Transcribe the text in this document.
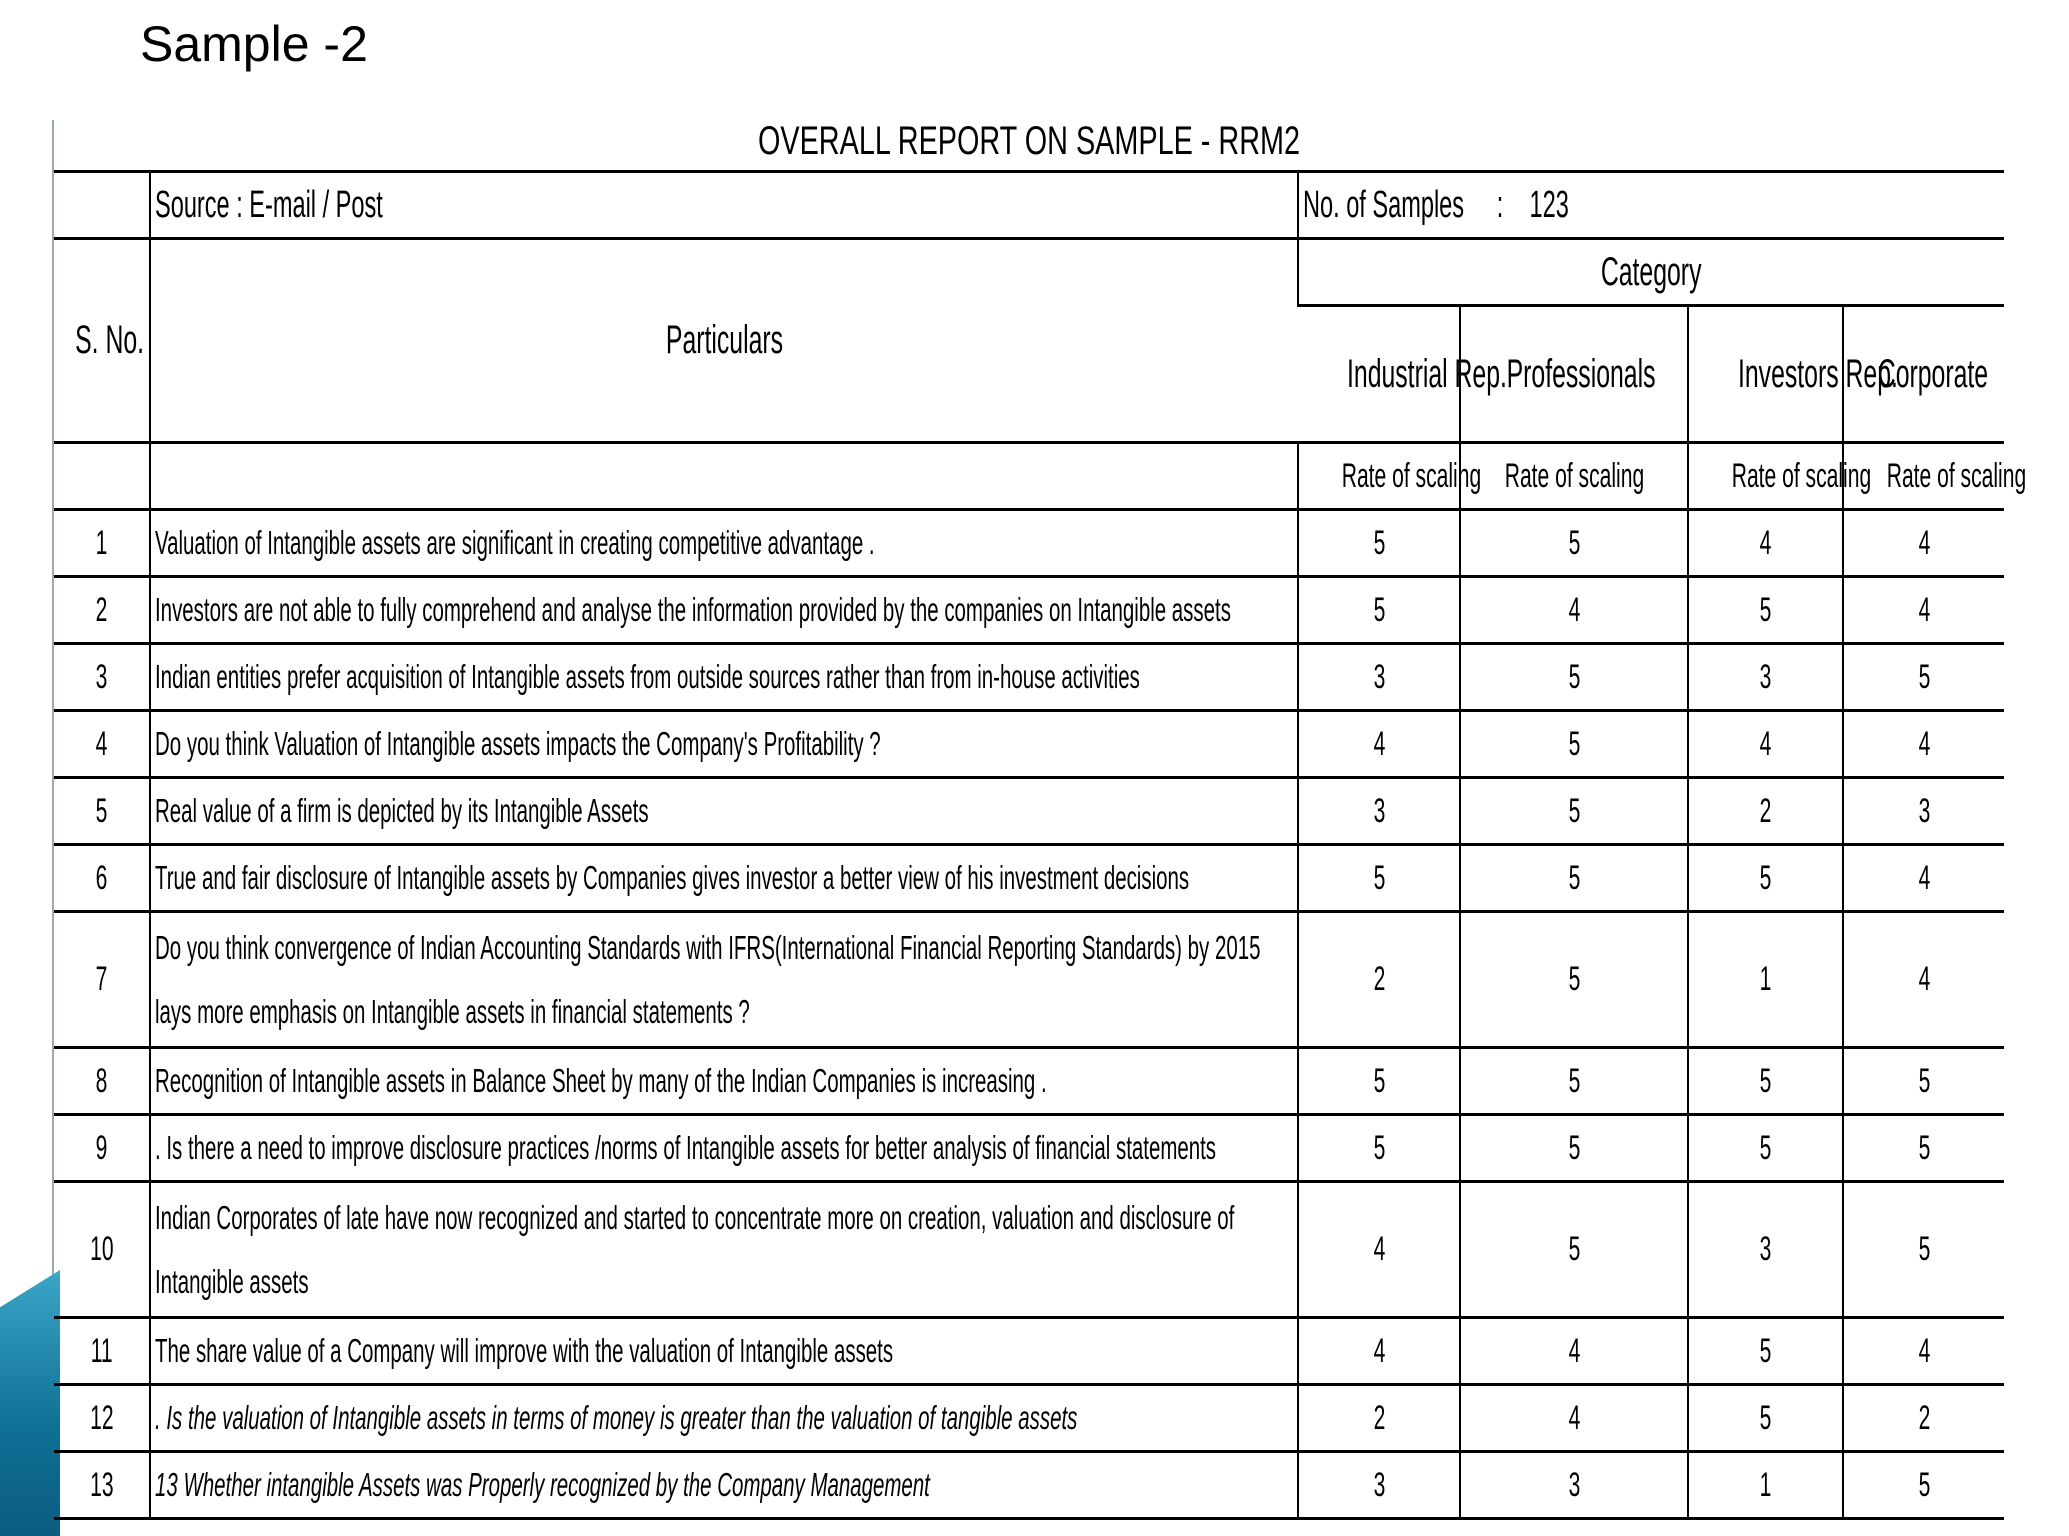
Sample -2
OVERALL REPORT ON SAMPLE - RRM2
	Source : E-mail / Post	No. of Samples     :    123			
S. No.	Particulars	Category			
		Industrial Rep.	Professionals	Investors Rep.	Corporate
		Rate of scaling	Rate of scaling	Rate of scaling	Rate of scaling
1	Valuation of Intangible assets are significant in creating competitive advantage .	5	5	4	4
2	Investors are not able to fully comprehend and analyse the information provided by the companies on Intangible assets	5	4	5	4
3	Indian entities prefer acquisition of Intangible assets from outside sources rather than from in-house activities	3	5	3	5
4	Do you think Valuation of Intangible assets impacts the Company's Profitability ?	4	5	4	4
5	Real value of a firm is depicted by its Intangible Assets	3	5	2	3
6	True and fair disclosure of Intangible assets by Companies gives investor a better view of his investment decisions	5	5	5	4
7	Do you think convergence of Indian Accounting Standards with IFRS(International Financial Reporting Standards) by 2015 lays more emphasis on Intangible assets in financial statements ?	2	5	1	4
8	Recognition of Intangible assets in Balance Sheet by many of the Indian Companies is increasing .	5	5	5	5
9	. Is there a need to improve disclosure practices /norms of Intangible assets for better analysis of financial statements	5	5	5	5
10	Indian Corporates of late have now recognized and started to concentrate more on creation, valuation and disclosure of Intangible assets	4	5	3	5
11	The share value of a Company will improve with the valuation of Intangible assets	4	4	5	4
12	. Is the valuation of Intangible assets in terms of money is greater than the valuation of tangible assets	2	4	5	2
13	13 Whether intangible Assets was Properly recognized by the Company Management	3	3	1	5
